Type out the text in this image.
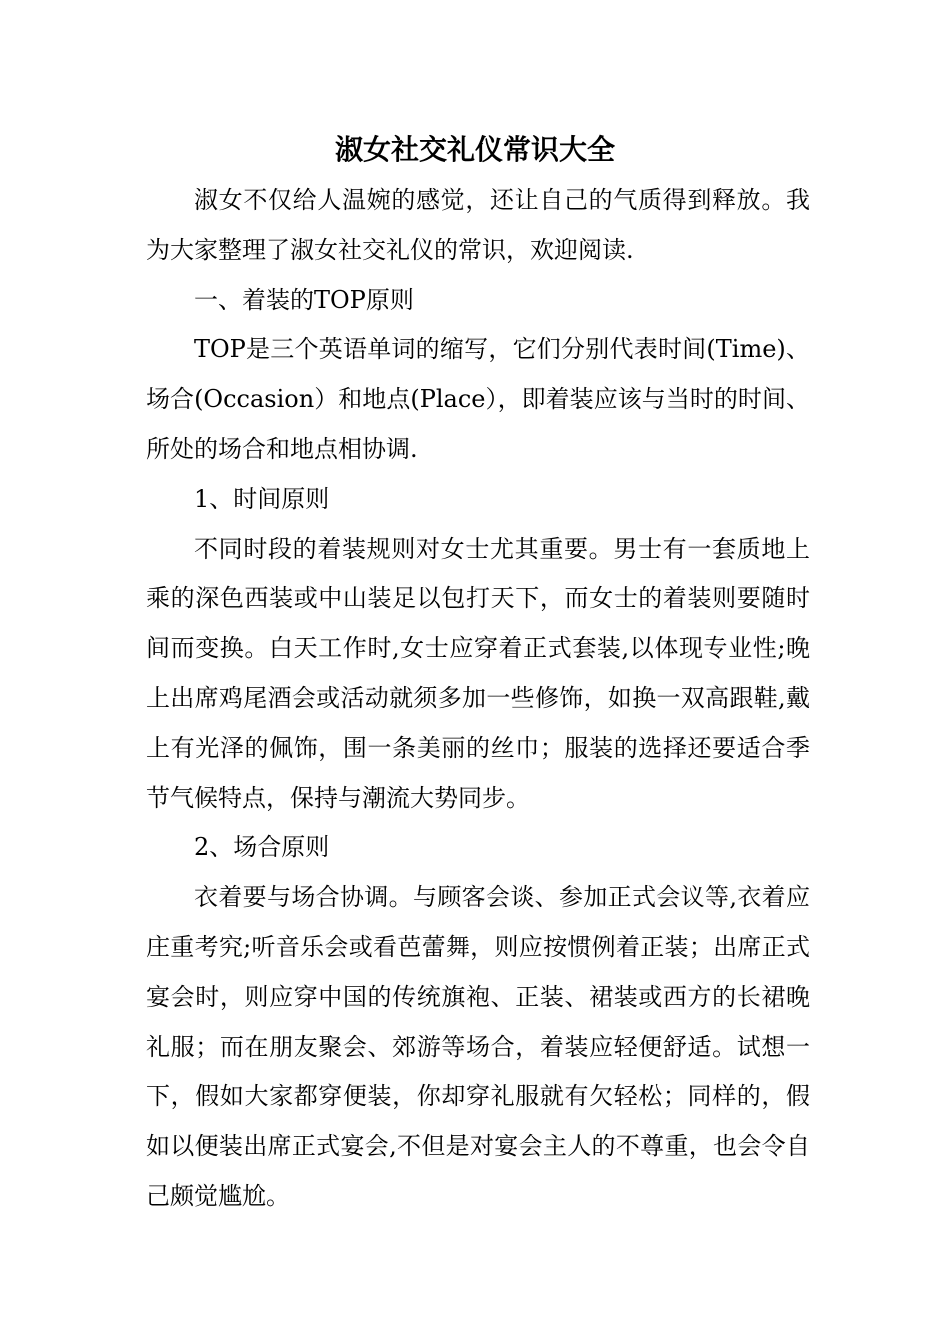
淑女社交礼仪常识大全

淑女不仅给人温婉的感觉，还让自己的气质得到释放。我为大家整理了淑女社交礼仪的常识，欢迎阅读.

一、着装的TOP原则

TOP是三个英语单词的缩写，它们分别代表时间(Time)、场合(Occasion）和地点(Place），即着装应该与当时的时间、所处的场合和地点相协调.

1、时间原则

不同时段的着装规则对女士尤其重要。男士有一套质地上乘的深色西装或中山装足以包打天下，而女士的着装则要随时间而变换。白天工作时,女士应穿着正式套装,以体现专业性;晚上出席鸡尾酒会或活动就须多加一些修饰，如换一双高跟鞋,戴上有光泽的佩饰，围一条美丽的丝巾；服装的选择还要适合季节气候特点，保持与潮流大势同步。

2、场合原则

衣着要与场合协调。与顾客会谈、参加正式会议等,衣着应庄重考究;听音乐会或看芭蕾舞，则应按惯例着正装；出席正式宴会时，则应穿中国的传统旗袍、正装、裙装或西方的长裙晚礼服；而在朋友聚会、郊游等场合，着装应轻便舒适。试想一下，假如大家都穿便装，你却穿礼服就有欠轻松；同样的，假如以便装出席正式宴会,不但是对宴会主人的不尊重，也会令自己颇觉尴尬。
